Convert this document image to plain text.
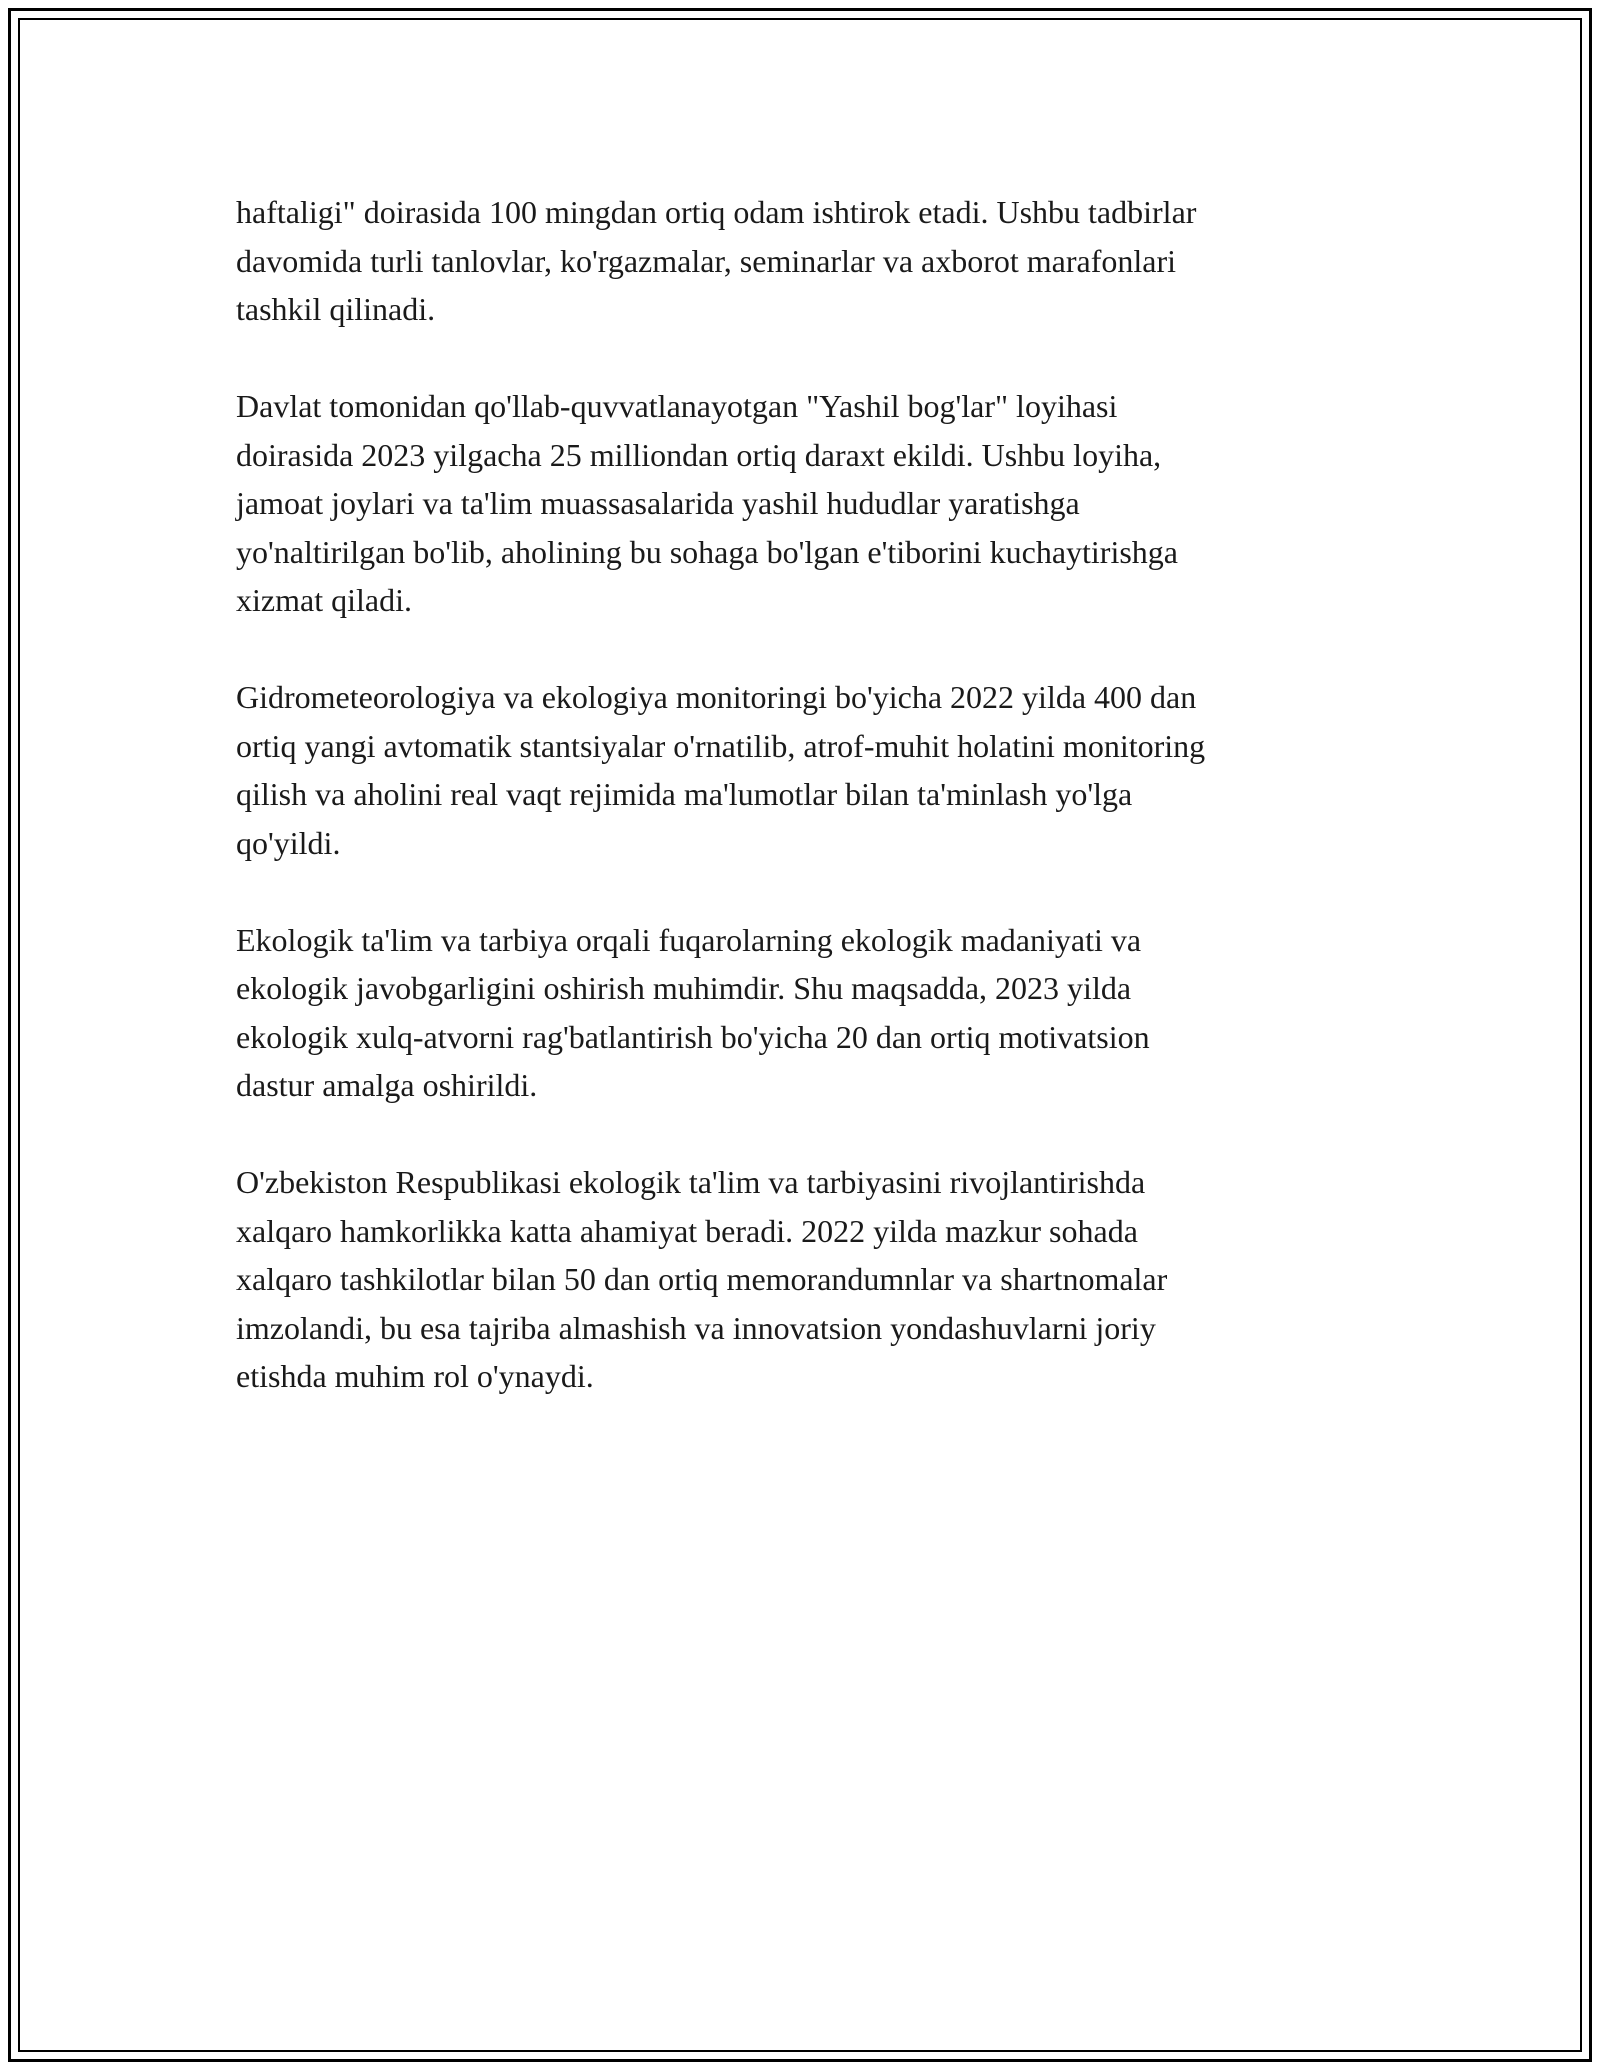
haftaligi" doirasida 100 mingdan ortiq odam ishtirok etadi. Ushbu tadbirlar
davomida turli tanlovlar, ko'rgazmalar, seminarlar va axborot marafonlari
tashkil qilinadi.

Davlat tomonidan qo'llab-quvvatlanayotgan "Yashil bog'lar" loyihasi
doirasida 2023 yilgacha 25 milliondan ortiq daraxt ekildi. Ushbu loyiha,
jamoat joylari va ta'lim muassasalarida yashil hududlar yaratishga
yo'naltirilgan bo'lib, aholining bu sohaga bo'lgan e'tiborini kuchaytirishga
xizmat qiladi.

Gidrometeorologiya va ekologiya monitoringi bo'yicha 2022 yilda 400 dan
ortiq yangi avtomatik stantsiyalar o'rnatilib, atrof-muhit holatini monitoring
qilish va aholini real vaqt rejimida ma'lumotlar bilan ta'minlash yo'lga
qo'yildi.

Ekologik ta'lim va tarbiya orqali fuqarolarning ekologik madaniyati va
ekologik javobgarligini oshirish muhimdir. Shu maqsadda, 2023 yilda
ekologik xulq-atvorni rag'batlantirish bo'yicha 20 dan ortiq motivatsion
dastur amalga oshirildi.

O'zbekiston Respublikasi ekologik ta'lim va tarbiyasini rivojlantirishda
xalqaro hamkorlikka katta ahamiyat beradi. 2022 yilda mazkur sohada
xalqaro tashkilotlar bilan 50 dan ortiq memorandumnlar va shartnomalar
imzolandi, bu esa tajriba almashish va innovatsion yondashuvlarni joriy
etishda muhim rol o'ynaydi.
